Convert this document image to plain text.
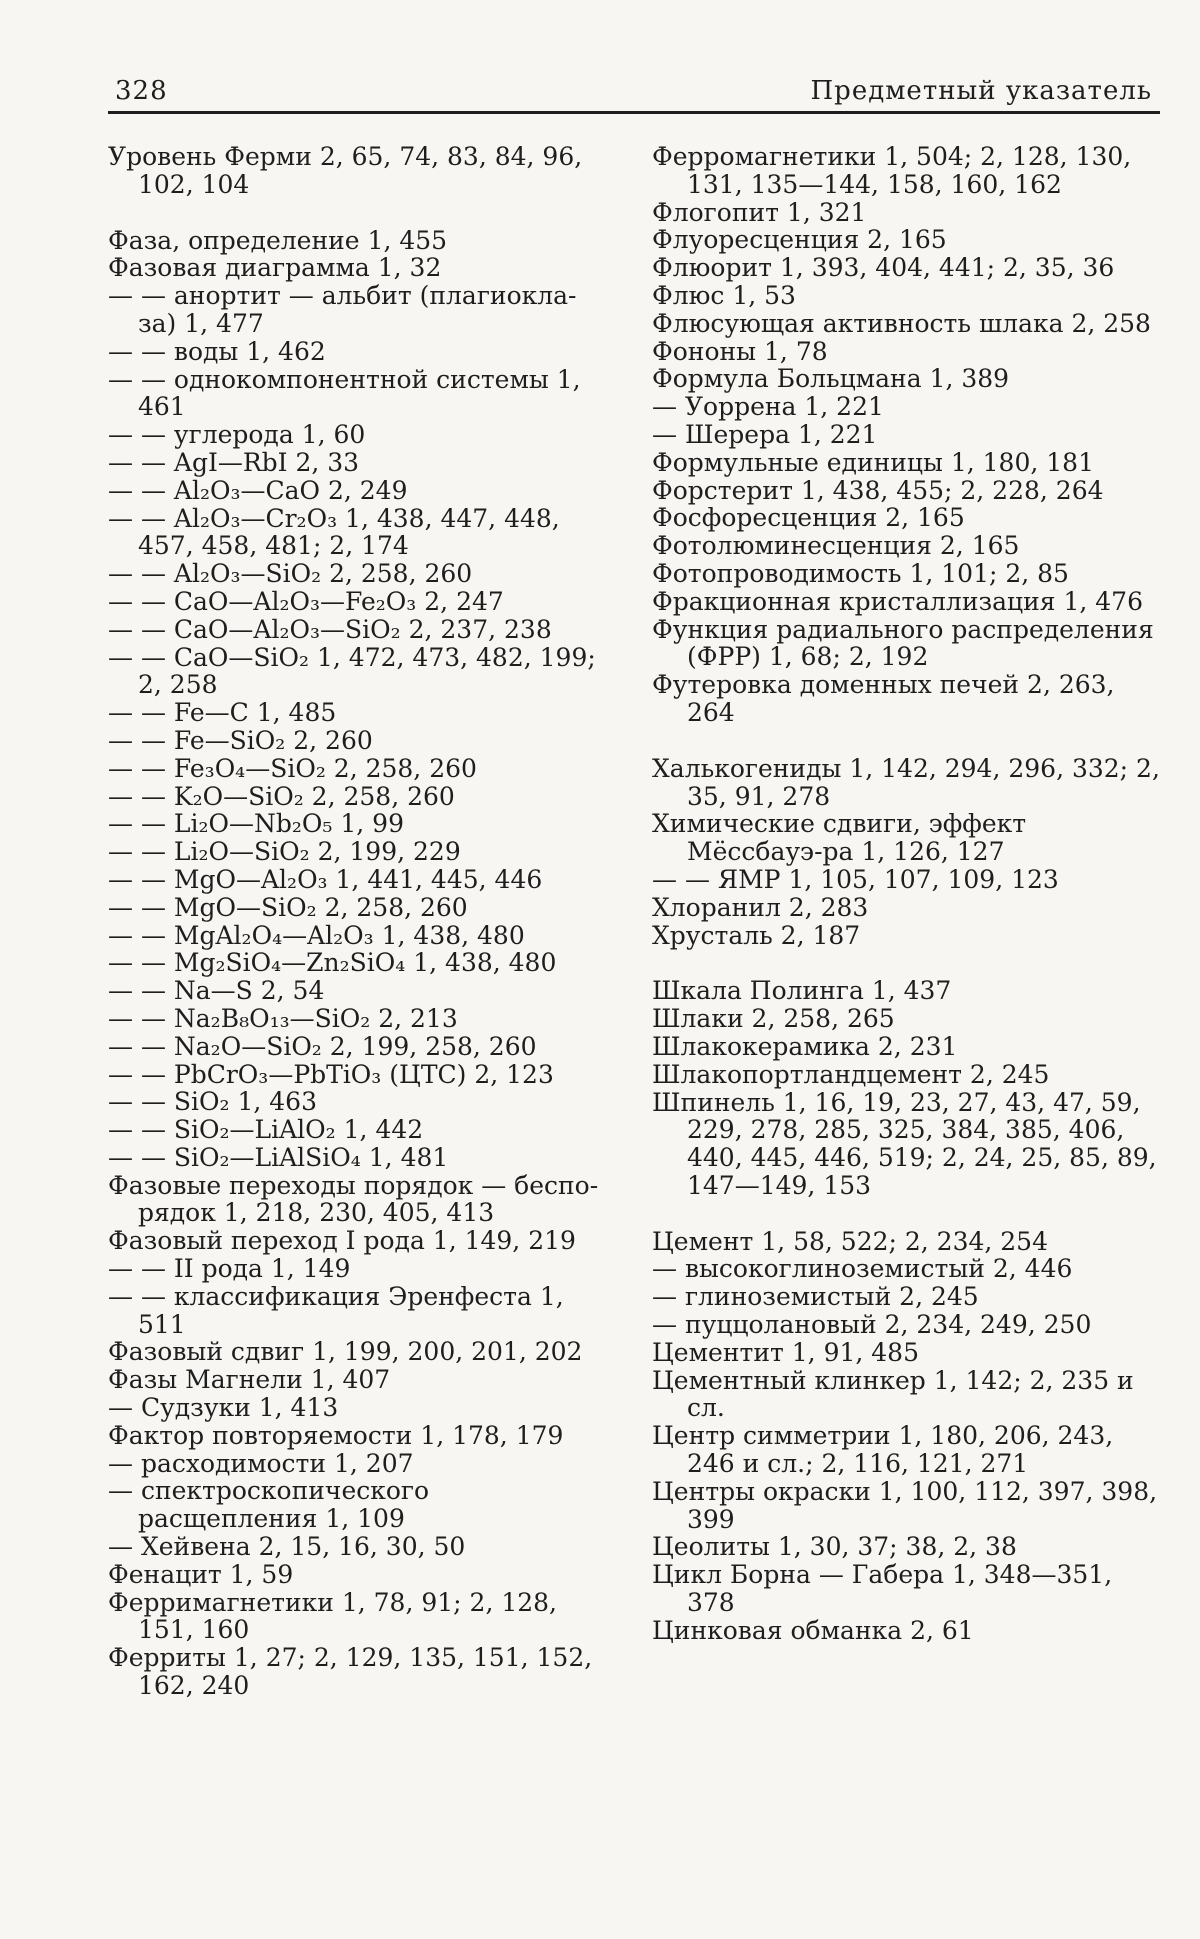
328	Предметный указатель

Уровень Ферми 2, 65, 74, 83, 84, 96, 102, 104

Фаза, определение 1, 455

Фазовая диаграмма 1, 32

— — анортит — альбит (плагиокла-за) 1, 477

— — воды 1, 462

— — однокомпонентной системы 1, 461

— — углерода 1, 60

— — AgI—RbI 2, 33

— — Al₂O₃—CaO 2, 249

— — Al₂O₃—Cr₂O₃ 1, 438, 447, 448, 457, 458, 481; 2, 174

— — Al₂O₃—SiO₂ 2, 258, 260

— — CaO—Al₂O₃—Fe₂O₃ 2, 247

— — CaO—Al₂O₃—SiO₂ 2, 237, 238

— — CaO—SiO₂ 1, 472, 473, 482, 199; 2, 258

— — Fe—C 1, 485

— — Fe—SiO₂ 2, 260

— — Fe₃O₄—SiO₂ 2, 258, 260

— — K₂O—SiO₂ 2, 258, 260

— — Li₂O—Nb₂O₅ 1, 99

— — Li₂O—SiO₂ 2, 199, 229

— — MgO—Al₂O₃ 1, 441, 445, 446

— — MgO—SiO₂ 2, 258, 260

— — MgAl₂O₄—Al₂O₃ 1, 438, 480

— — Mg₂SiO₄—Zn₂SiO₄ 1, 438, 480

— — Na—S 2, 54

— — Na₂B₈O₁₃—SiO₂ 2, 213

— — Na₂O—SiO₂ 2, 199, 258, 260

— — PbCrO₃—PbTiO₃ (ЦТС) 2, 123

— — SiO₂ 1, 463

— — SiO₂—LiAlO₂ 1, 442

— — SiO₂—LiAlSiO₄ 1, 481

Фазовые переходы порядок — беспо-рядок 1, 218, 230, 405, 413

Фазовый переход I рода 1, 149, 219

— — II рода 1, 149

— — классификация Эренфеста 1, 511

Фазовый сдвиг 1, 199, 200, 201, 202

Фазы Магнели 1, 407

— Судзуки 1, 413

Фактор повторяемости 1, 178, 179

— расходимости 1, 207

— спектроскопического расщепления 1, 109

— Хейвена 2, 15, 16, 30, 50

Фенацит 1, 59

Ферримагнетики 1, 78, 91; 2, 128, 151, 160

Ферриты 1, 27; 2, 129, 135, 151, 152, 162, 240

Ферромагнетики 1, 504; 2, 128, 130, 131, 135—144, 158, 160, 162

Флогопит 1, 321

Флуоресценция 2, 165

Флюорит 1, 393, 404, 441; 2, 35, 36

Флюс 1, 53

Флюсующая активность шлака 2, 258

Фононы 1, 78

Формула Больцмана 1, 389

— Уоррена 1, 221

— Шерера 1, 221

Формульные единицы 1, 180, 181

Форстерит 1, 438, 455; 2, 228, 264

Фосфоресценция 2, 165

Фотолюминесценция 2, 165

Фотопроводимость 1, 101; 2, 85

Фракционная кристаллизация 1, 476

Функция радиального распределения (ФРР) 1, 68; 2, 192

Футеровка доменных печей 2, 263, 264

Халькогениды 1, 142, 294, 296, 332; 2, 35, 91, 278

Химические сдвиги, эффект Мёссбауэ-ра 1, 126, 127

— — ЯМР 1, 105, 107, 109, 123

Хлоранил 2, 283

Хрусталь 2, 187

Шкала Полинга 1, 437

Шлаки 2, 258, 265

Шлакокерамика 2, 231

Шлакопортландцемент 2, 245

Шпинель 1, 16, 19, 23, 27, 43, 47, 59, 229, 278, 285, 325, 384, 385, 406, 440, 445, 446, 519; 2, 24, 25, 85, 89, 147—149, 153

Цемент 1, 58, 522; 2, 234, 254

— высокоглиноземистый 2, 446

— глиноземистый 2, 245

— пуццолановый 2, 234, 249, 250

Цементит 1, 91, 485

Цементный клинкер 1, 142; 2, 235 и сл.

Центр симметрии 1, 180, 206, 243, 246 и сл.; 2, 116, 121, 271

Центры окраски 1, 100, 112, 397, 398, 399

Цеолиты 1, 30, 37; 38, 2, 38

Цикл Борна — Габера 1, 348—351, 378

Цинковая обманка 2, 61
